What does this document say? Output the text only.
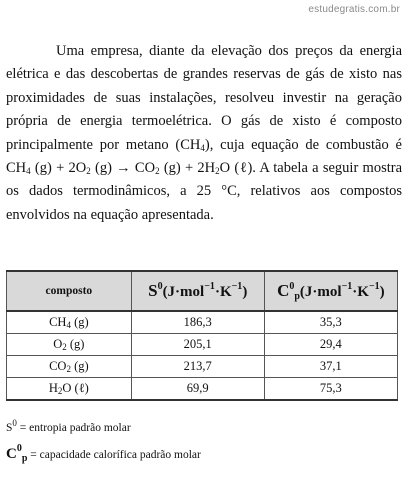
estudegratis.com.br
Uma empresa, diante da elevação dos preços da energia
elétrica e das descobertas de grandes reservas de gás de xisto nas
proximidades de suas instalações, resolveu investir na geração
própria de energia termoelétrica. O gás de xisto é composto
principalmente por metano $(CH_4)$, cuja equação de combustão é
$CH_4$ $(g) + 2O_2$ $(g) \to CO_2$ $(g) + 2H_2O$ (ℓ). A tabela a seguir mostra
os dados termodinâmicos, a 25 °C, relativos aos compostos
envolvidos na equação apresentada.
composto	$S^0(J\cdot mol^{-1}\cdot K^{-1})$	$C^0_p(J\cdot mol^{-1}\cdot K^{-1})$
$CH_4$ (g)	186,3	35,3
$O_2$ (g)	205,1	29,4
$CO_2$ (g)	213,7	37,1
$H_2O$ (ℓ)	69,9	75,3
$S^0$ = entropia padrão molar
$C^0_p$ = capacidade calorífica padrão molar
